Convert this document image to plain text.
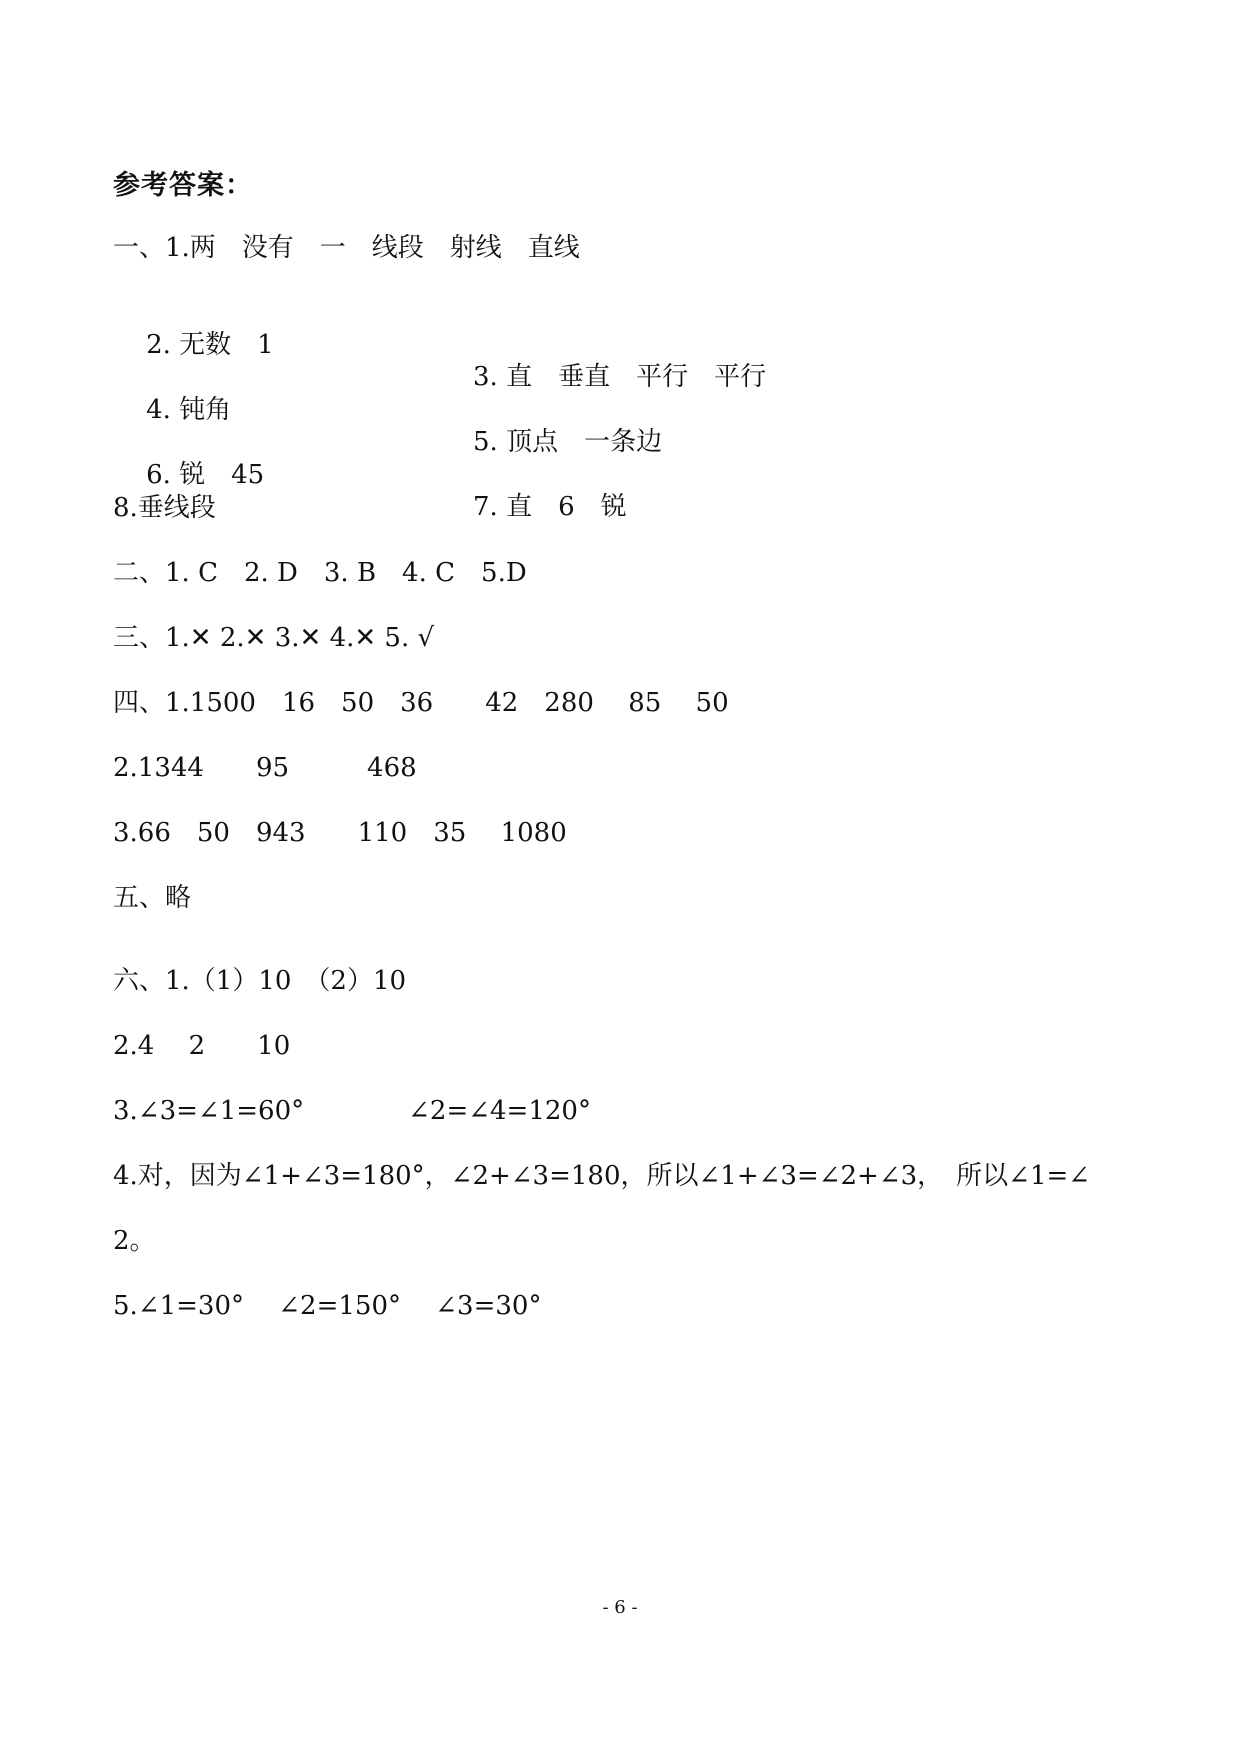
参考答案：
一、1.两　没有　一　线段　射线　直线

2. 无数　1

3. 直　垂直　平行　平行

4. 钝角

5. 顶点　一条边

6. 锐　45

7. 直　6　锐

8.垂线段
二、1. C　2. D　3. B　4. C　5.D
三、1.✕ 2.✕ 3.✕ 4.✕ 5. √
四、1.1500　16　50　36　　42　280　 85　 50
2.1344　　95　　　468
3.66　50　943　　110　35　 1080
五、略
六、1.（1）10　（2）10
2.4　 2　　10
3.∠3=∠1=60°　　　　∠2=∠4=120°
4.对，因为∠1+∠3=180°，∠2+∠3=180，所以∠1+∠3=∠2+∠3，　所以∠1=∠
2。
5.∠1=30°　 ∠2=150°　 ∠3=30°
- 6 -
